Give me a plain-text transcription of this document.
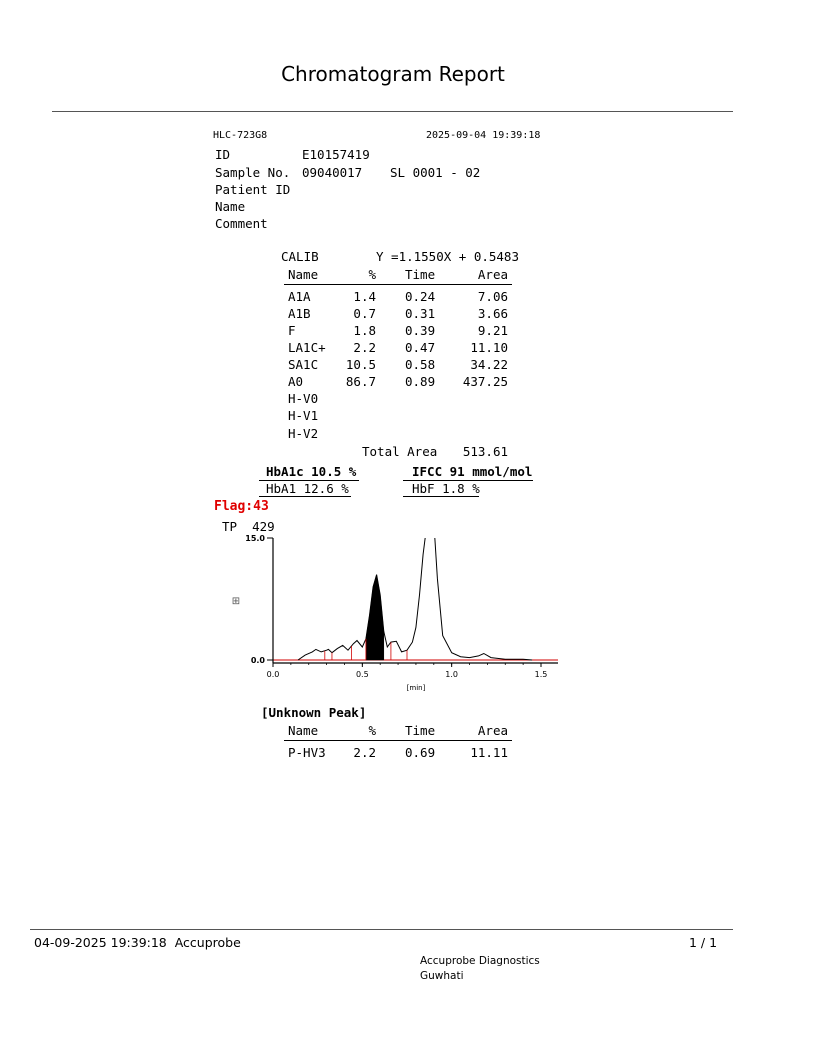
Chromatogram Report
HLC-723G8	2025-09-04 19:39:18
ID	E10157419
Sample No. 09040017 SL 0001 - 02
Patient ID
Name
Comment
CALIB	Y =1.1550X + 0.5483
Name	% Time	Area
A1A	1.4 0.24	7.06
A1B	0.7 0.31	3.66
F	1.8 0.39	9.21
LA1C+	2.2 0.47	11.10
SA1C	10.5 0.58	34.22
A0	86.7 0.89	437.25
H-V0
H-V1
H-V2
Total Area	513.61
HbA1c 10.5 %	IFCC 91 mmol/mol
HbA1 12.6 %	HbF 1.8 %
Flag:43
TP  429
0.0
15.0
0.0	0.5	1.0	1.5
[min]
⊞
[Unknown Peak]
Name	% Time	Area
P-HV3	2.2 0.69	11.11
04-09-2025 19:39:18  Accuprobe	1 / 1
Accuprobe Diagnostics
Guwhati
